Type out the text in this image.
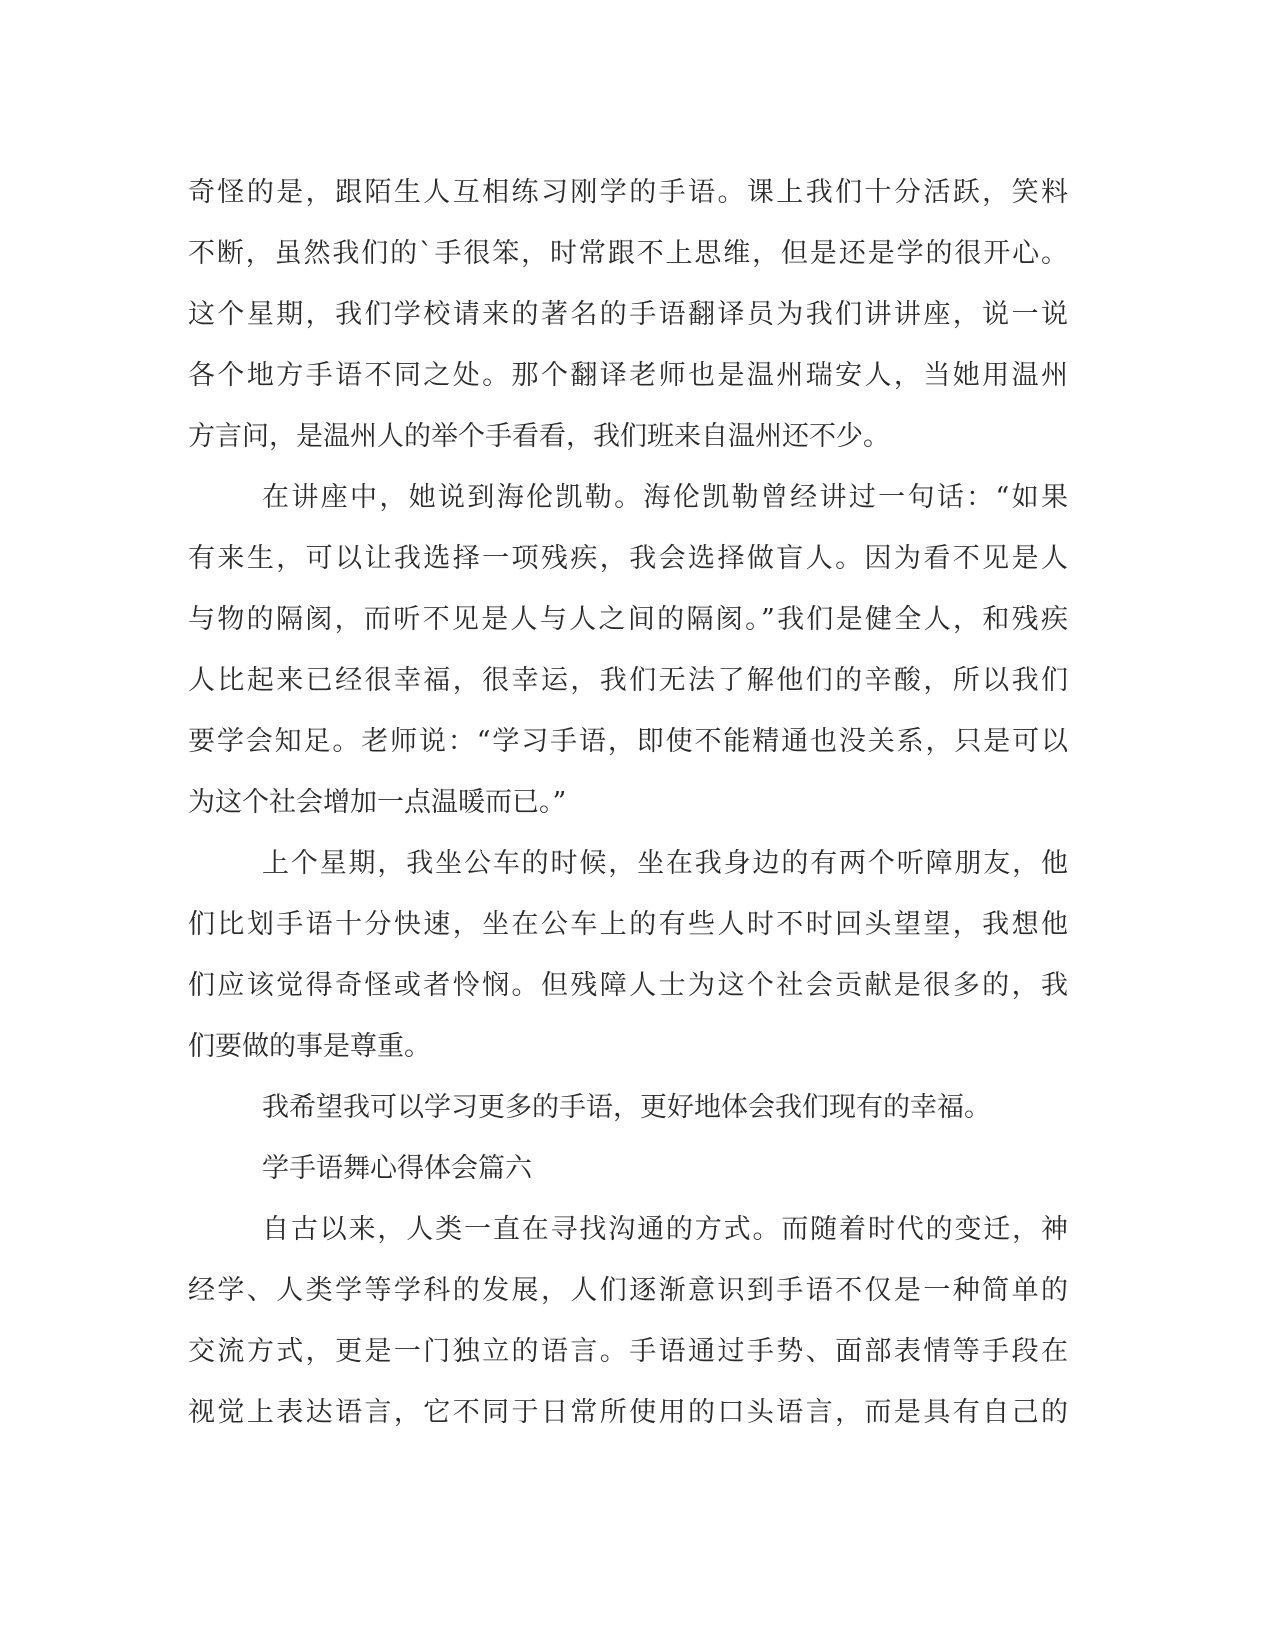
奇怪的是，跟陌生人互相练习刚学的手语。课上我们十分活跃，笑料
不断，虽然我们的`手很笨，时常跟不上思维，但是还是学的很开心。
这个星期，我们学校请来的著名的手语翻译员为我们讲讲座，说一说
各个地方手语不同之处。那个翻译老师也是温州瑞安人，当她用温州
方言问，是温州人的举个手看看，我们班来自温州还不少。
在讲座中，她说到海伦凯勒。海伦凯勒曾经讲过一句话：“如果
有来生，可以让我选择一项残疾，我会选择做盲人。因为看不见是人
与物的隔阂，而听不见是人与人之间的隔阂。”我们是健全人，和残疾
人比起来已经很幸福，很幸运，我们无法了解他们的辛酸，所以我们
要学会知足。老师说：“学习手语，即使不能精通也没关系，只是可以
为这个社会增加一点温暖而已。”
上个星期，我坐公车的时候，坐在我身边的有两个听障朋友，他
们比划手语十分快速，坐在公车上的有些人时不时回头望望，我想他
们应该觉得奇怪或者怜悯。但残障人士为这个社会贡献是很多的，我
们要做的事是尊重。
我希望我可以学习更多的手语，更好地体会我们现有的幸福。
学手语舞心得体会篇六
自古以来，人类一直在寻找沟通的方式。而随着时代的变迁，神
经学、人类学等学科的发展，人们逐渐意识到手语不仅是一种简单的
交流方式，更是一门独立的语言。手语通过手势、面部表情等手段在
视觉上表达语言，它不同于日常所使用的口头语言，而是具有自己的
